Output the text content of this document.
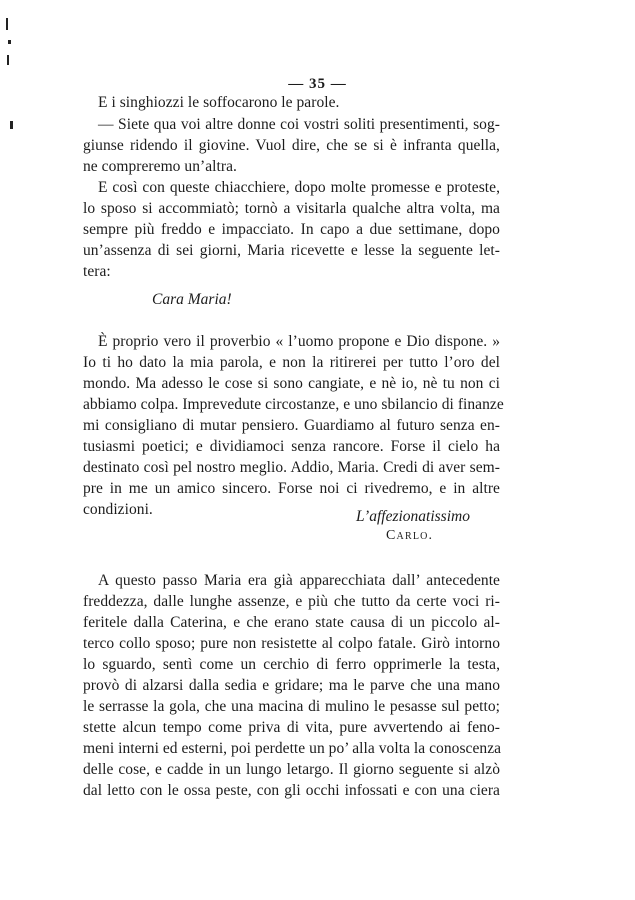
— 35 —
E i singhiozzi le soffocarono le parole.
— Siete qua voi altre donne coi vostri soliti presentimenti, sog-
giunse ridendo il giovine. Vuol dire, che se si è infranta quella,
ne compreremo un’altra.
E così con queste chiacchiere, dopo molte promesse e proteste,
lo sposo si accommiatò; tornò a visitarla qualche altra volta, ma
sempre più freddo e impacciato. In capo a due settimane, dopo
un’assenza di sei giorni, Maria ricevette e lesse la seguente let-
tera:
Cara Maria!
È proprio vero il proverbio « l’uomo propone e Dio dispone. »
Io ti ho dato la mia parola, e non la ritirerei per tutto l’oro del
mondo. Ma adesso le cose si sono cangiate, e nè io, nè tu non ci
abbiamo colpa. Imprevedute circostanze, e uno sbilancio di finanze
mi consigliano di mutar pensiero. Guardiamo al futuro senza en-
tusiasmi poetici; e dividiamoci senza rancore. Forse il cielo ha
destinato così pel nostro meglio. Addio, Maria. Credi di aver sem-
pre in me un amico sincero. Forse noi ci rivedremo, e in altre
condizioni.	L’affezionatissimo
Carlo.
A questo passo Maria era già apparecchiata dall’ antecedente
freddezza, dalle lunghe assenze, e più che tutto da certe voci ri-
feritele dalla Caterina, e che erano state causa di un piccolo al-
terco collo sposo; pure non resistette al colpo fatale. Girò intorno
lo sguardo, sentì come un cerchio di ferro opprimerle la testa,
provò di alzarsi dalla sedia e gridare; ma le parve che una mano
le serrasse la gola, che una macina di mulino le pesasse sul petto;
stette alcun tempo come priva di vita, pure avvertendo ai feno-
meni interni ed esterni, poi perdette un po’ alla volta la conoscenza
delle cose, e cadde in un lungo letargo. Il giorno seguente si alzò
dal letto con le ossa peste, con gli occhi infossati e con una ciera
